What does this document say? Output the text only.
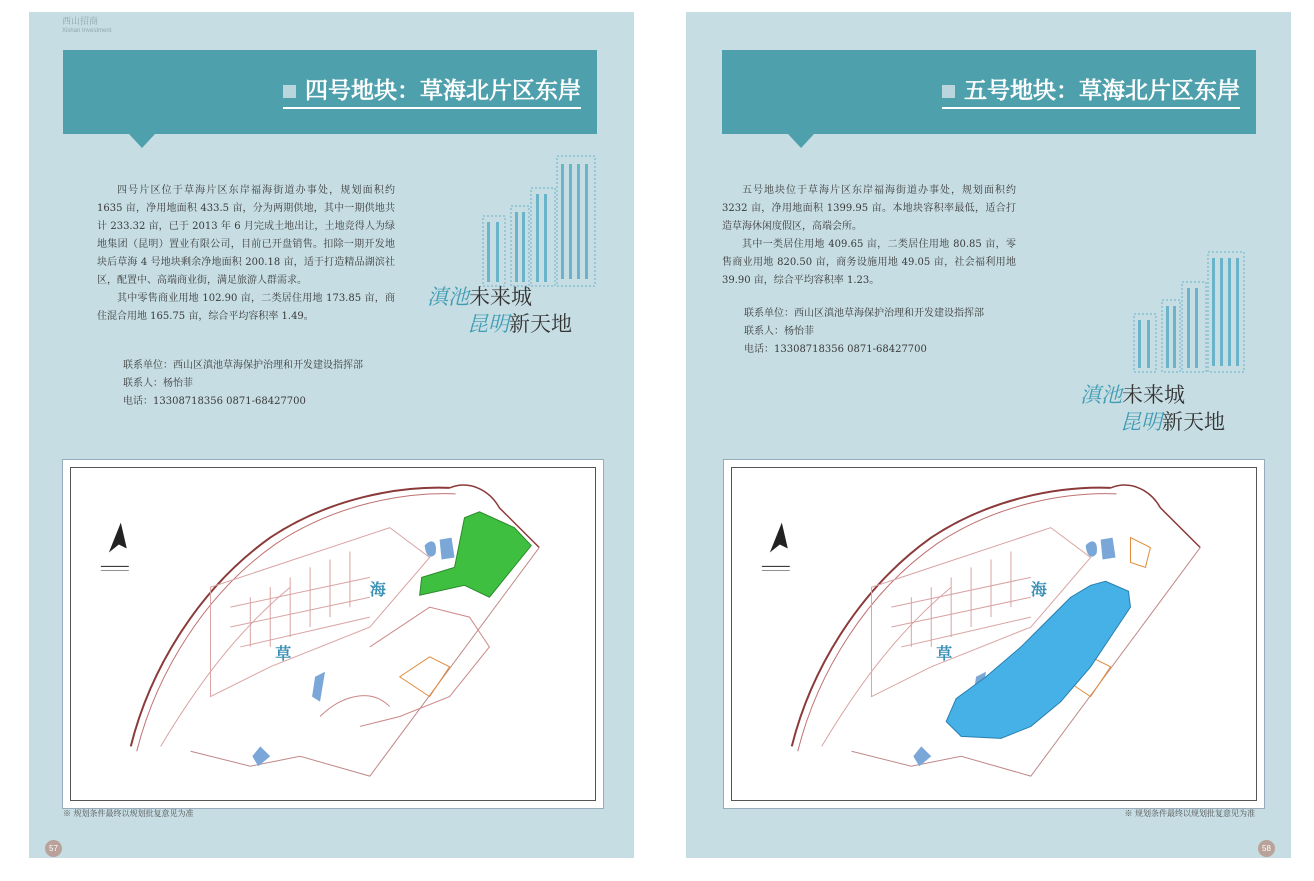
西山招商
Xishan Investment
四号地块：草海北片区东岸

四号片区位于草海片区东岸福海街道办事处，规划面积约 1635 亩，净用地面积 433.5 亩，分为两期供地，其中一期供地共计 233.32 亩，已于 2013 年 6 月完成土地出让，土地竞得人为绿地集团（昆明）置业有限公司，目前已开盘销售。扣除一期开发地块后草海 4 号地块剩余净地面积 200.18 亩，适于打造精品湖滨社区，配置中、高端商业街，满足旅游人群需求。

其中零售商业用地 102.90 亩，二类居住用地 173.85 亩，商住混合用地 165.75 亩，综合平均容积率 1.49。

联系单位：西山区滇池草海保护治理和开发建设指挥部
联系人：杨怡菲
电话：13308718356 0871-68427700
滇池未来城
昆明新天地
海
草
※ 规划条件最终以规划批复意见为准
57
五号地块：草海北片区东岸

五号地块位于草海片区东岸福海街道办事处，规划面积约 3232 亩，净用地面积 1399.95 亩。本地块容积率最低，适合打造草海休闲度假区，高端会所。

其中一类居住用地 409.65 亩，二类居住用地 80.85 亩，零售商业用地 820.50 亩，商务设施用地 49.05 亩，社会福利用地 39.90 亩，综合平均容积率 1.23。

联系单位：西山区滇池草海保护治理和开发建设指挥部
联系人：杨怡菲
电话：13308718356 0871-68427700
滇池未来城
昆明新天地
海
草
※ 规划条件最终以规划批复意见为准
58
